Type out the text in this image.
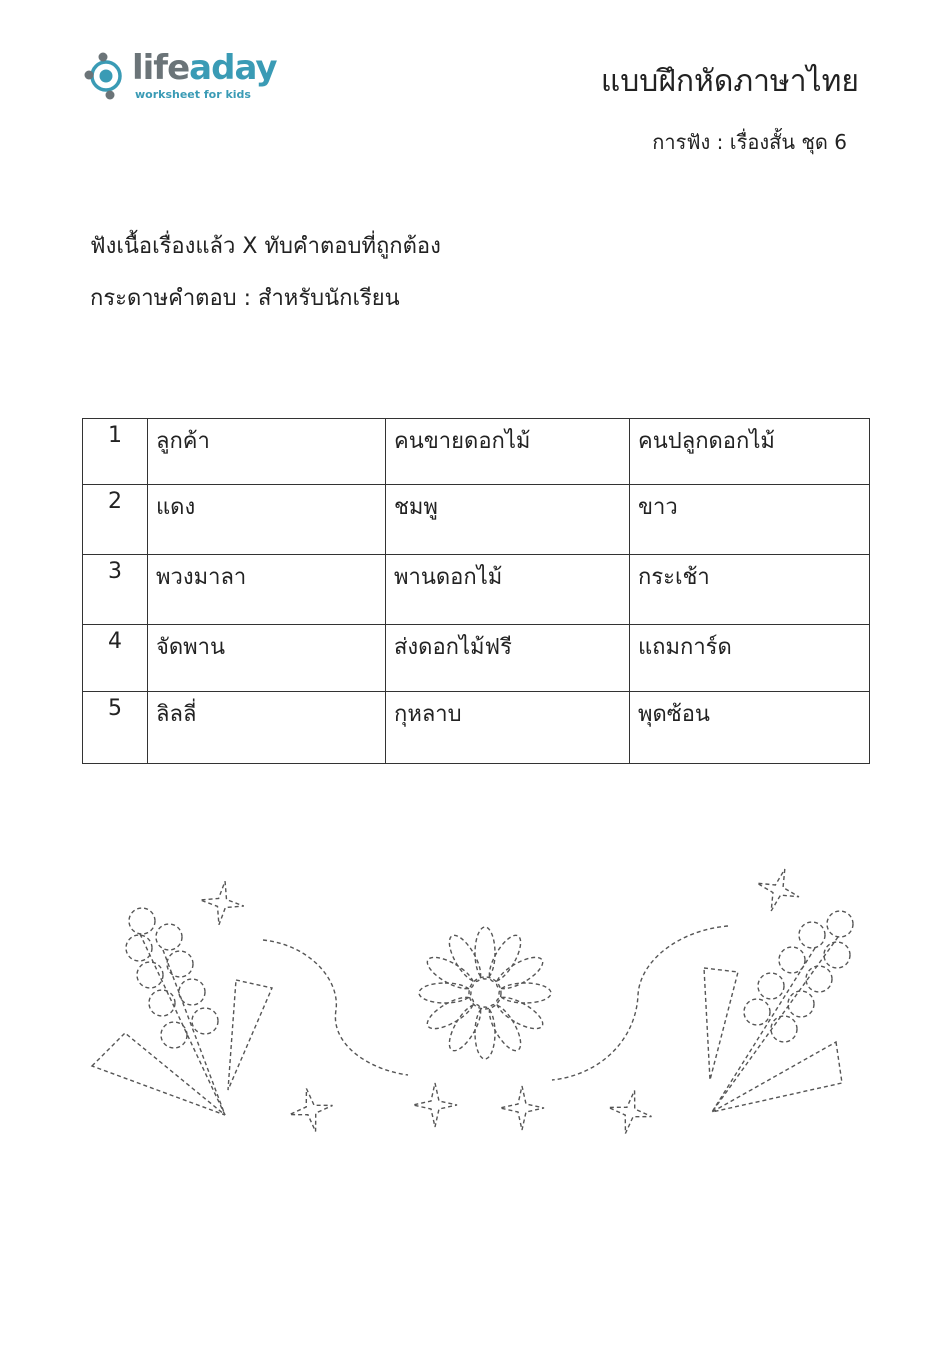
lifeaday
worksheet for kids	แบบฝึกหัดภาษาไทย
การฟัง : เรื่องสั้น ชุด 6
ฟังเนื้อเรื่องแล้ว X ทับคำตอบที่ถูกต้อง
กระดาษคำตอบ : สำหรับนักเรียน
1	ลูกค้า	คนขายดอกไม้	คนปลูกดอกไม้
2	แดง	ชมพู	ขาว
3	พวงมาลา	พานดอกไม้	กระเช้า
4	จัดพาน	ส่งดอกไม้ฟรี	แถมการ์ด
5	ลิลลี่	กุหลาบ	พุดซ้อน
